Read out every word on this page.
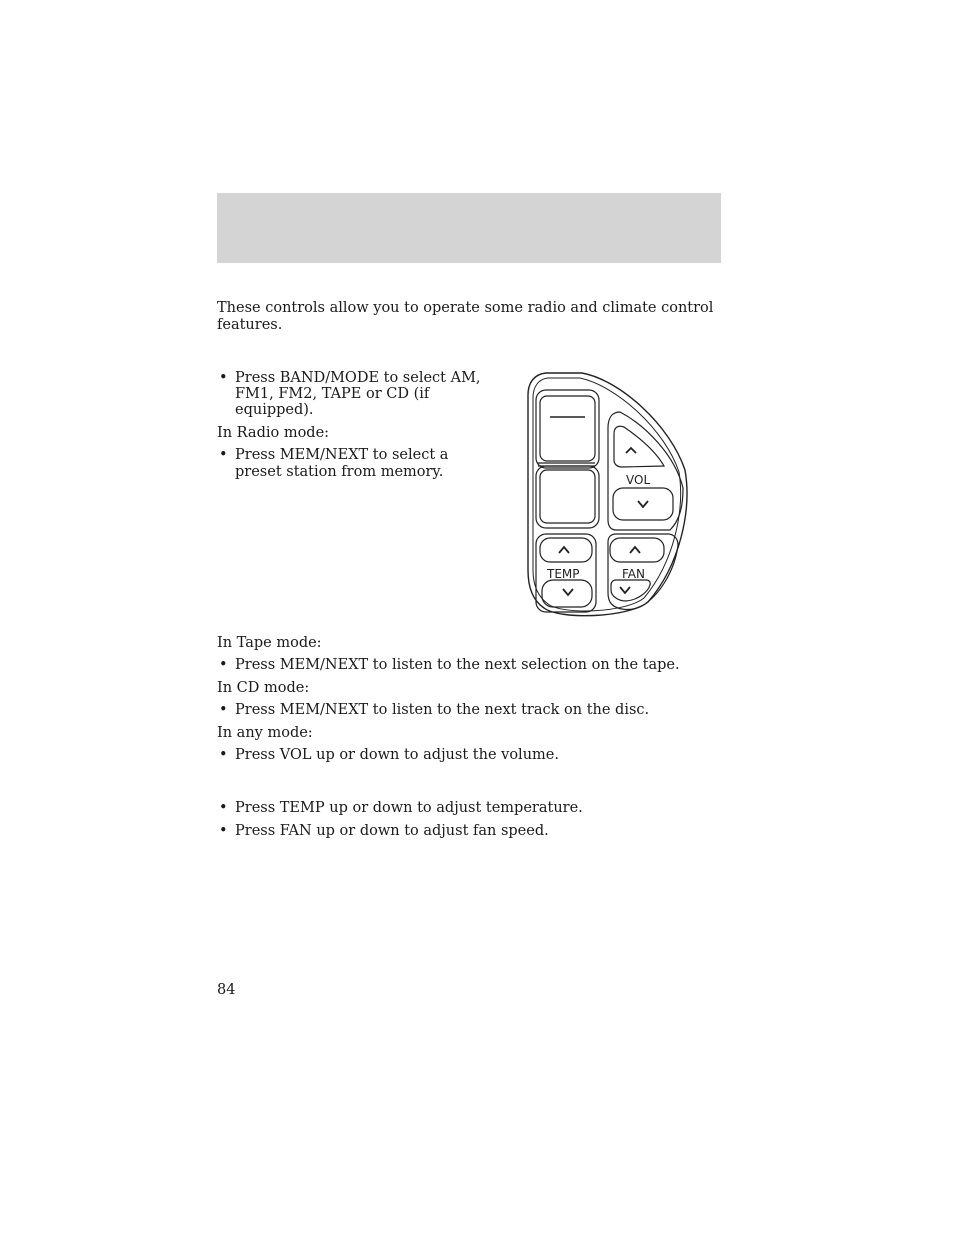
These controls allow you to operate some radio and climate control

features.

• Press BAND/MODE to select AM,

FM1, FM2, TAPE or CD (if

equipped).

In Radio mode:

• Press MEM/NEXT to select a

preset station from memory.	VOL
TEMP	FAN

In Tape mode:

• Press MEM/NEXT to listen to the next selection on the tape.

In CD mode:

• Press MEM/NEXT to listen to the next track on the disc.

In any mode:

• Press VOL up or down to adjust the volume.

• Press TEMP up or down to adjust temperature.

• Press FAN up or down to adjust fan speed.

84
